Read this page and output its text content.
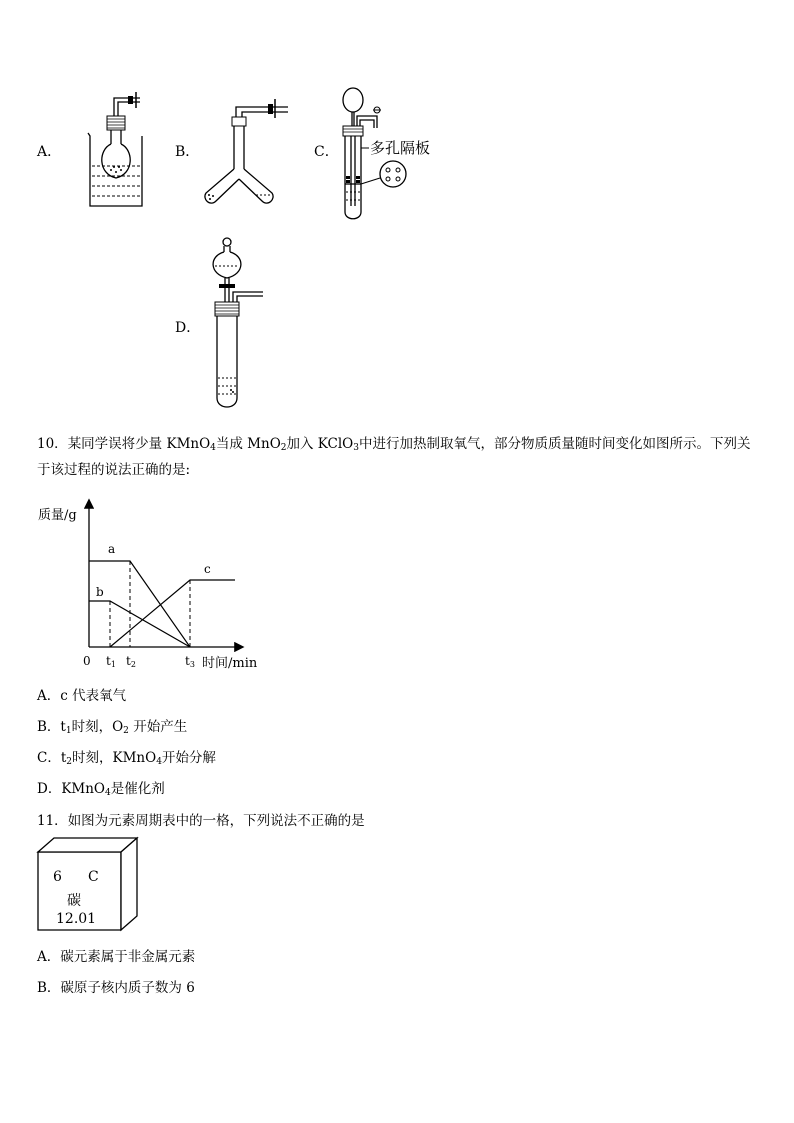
A．	B．	C．
D．
多孔隔板
10．某同学误将少量 KMnO$_4$当成 MnO$_2$加入 KClO$_3$中进行加热制取氧气，部分物质质量随时间变化如图所示。下列关于该过程的说法正确的是:
质量/g
0 t1 t2	t3 时间/min
a
b
c
A．c 代表氧气
B．$t_1$时刻，$O_2$ 开始产生
C．$t_2$时刻，KMnO$_4$开始分解
D．KMnO$_4$是催化剂
11．如图为元素周期表中的一格，下列说法不正确的是
6 C
碳
12.01
A．碳元素属于非金属元素
B．碳原子核内质子数为 6
